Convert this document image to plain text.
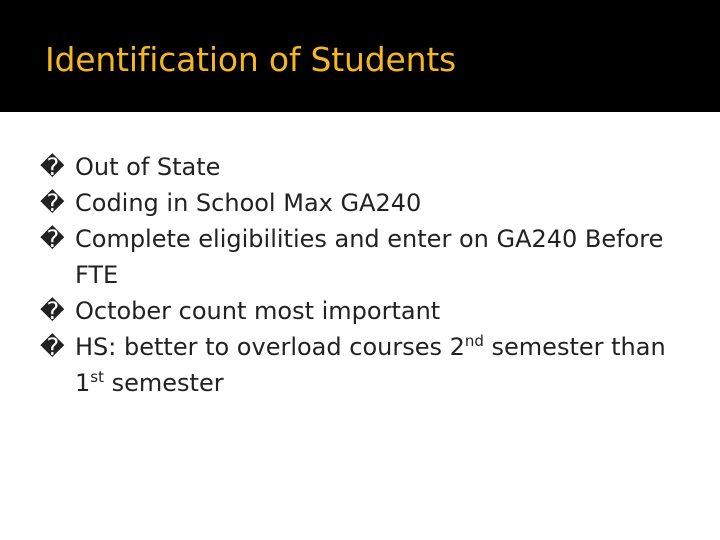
Identification of Students
� Out of State
� Coding in School Max GA240
� Complete eligibilities and enter on GA240 Before FTE
� October count most important
� HS: better to overload courses 2nd semester than 1st semester
